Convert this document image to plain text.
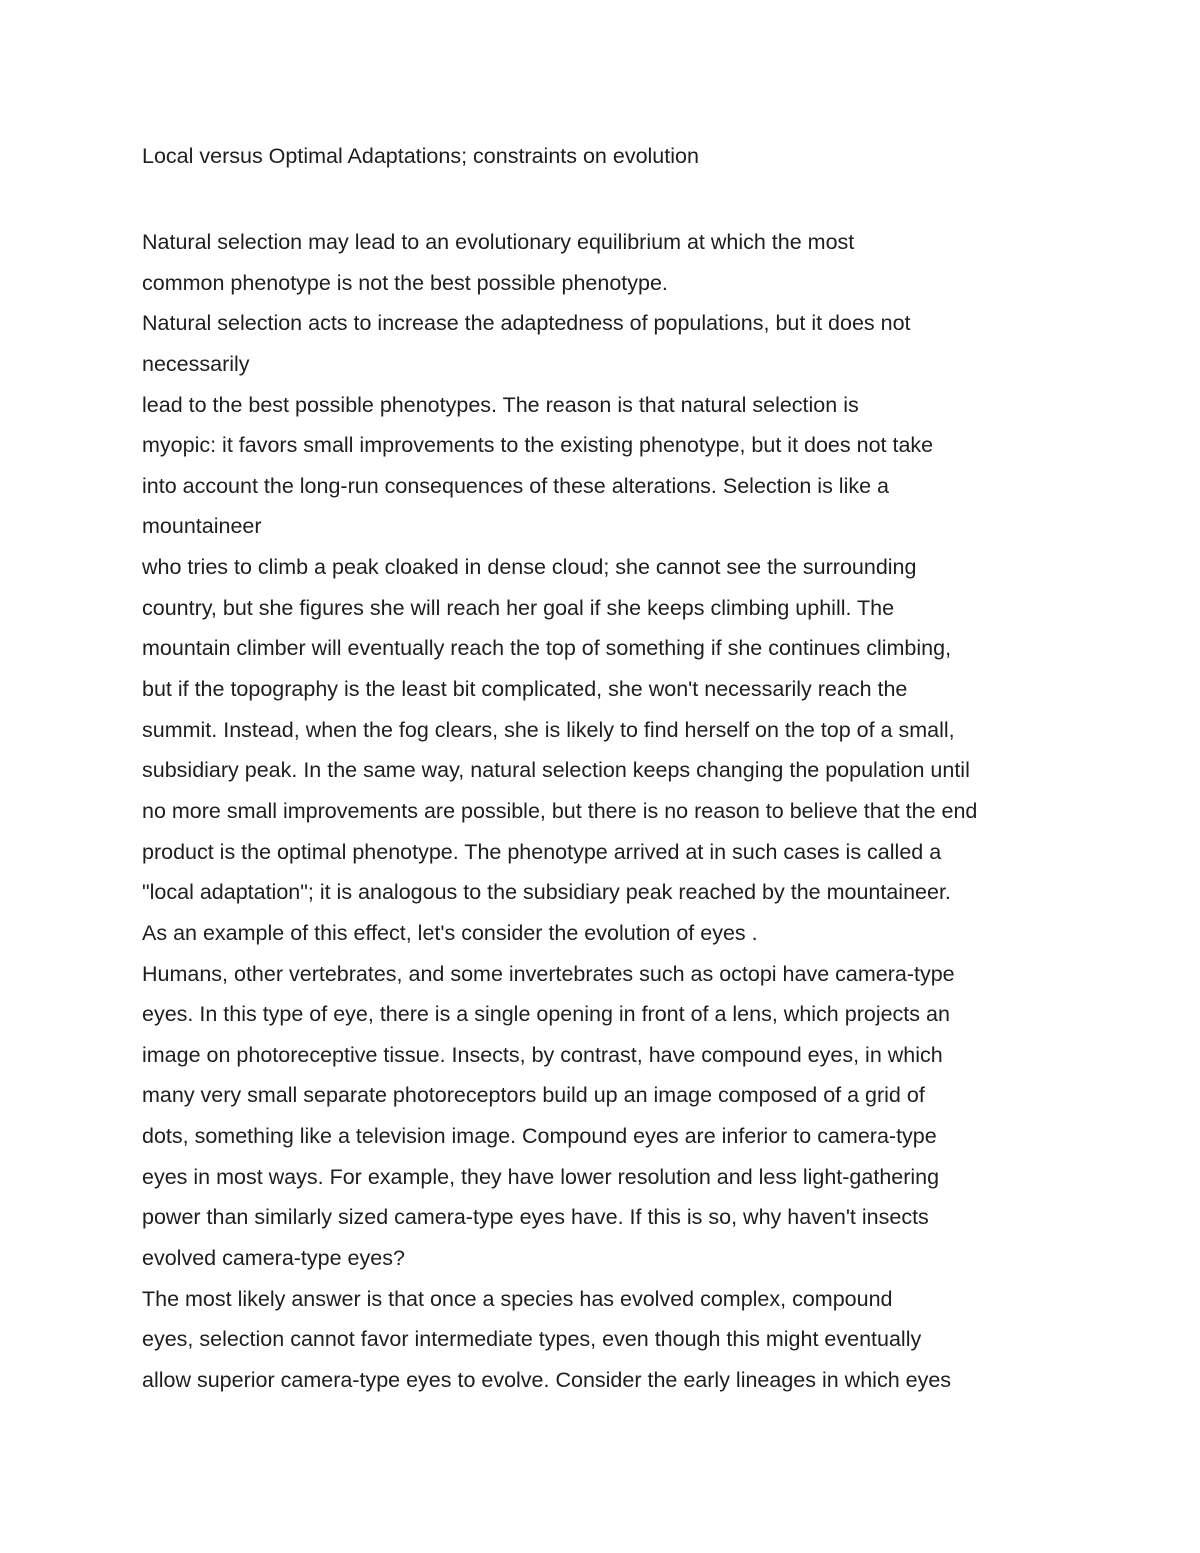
Local versus Optimal Adaptations; constraints on evolution
Natural selection may lead to an evolutionary equilibrium at which the most
common phenotype is not the best possible phenotype.
Natural selection acts to increase the adaptedness of populations, but it does not
necessarily
lead to the best possible phenotypes. The reason is that natural selection is
myopic: it favors small improvements to the existing phenotype, but it does not take
into account the long-run consequences of these alterations. Selection is like a
mountaineer
who tries to climb a peak cloaked in dense cloud; she cannot see the surrounding
country, but she figures she will reach her goal if she keeps climbing uphill. The
mountain climber will eventually reach the top of something if she continues climbing,
but if the topography is the least bit complicated, she won't necessarily reach the
summit. Instead, when the fog clears, she is likely to find herself on the top of a small,
subsidiary peak. In the same way, natural selection keeps changing the population until
no more small improvements are possible, but there is no reason to believe that the end
product is the optimal phenotype. The phenotype arrived at in such cases is called a
"local adaptation"; it is analogous to the subsidiary peak reached by the mountaineer.
As an example of this effect, let's consider the evolution of eyes .
Humans, other vertebrates, and some invertebrates such as octopi have camera-type
eyes. In this type of eye, there is a single opening in front of a lens, which projects an
image on photoreceptive tissue. Insects, by contrast, have compound eyes, in which
many very small separate photoreceptors build up an image composed of a grid of
dots, something like a television image. Compound eyes are inferior to camera-type
eyes in most ways. For example, they have lower resolution and less light-gathering
power than similarly sized camera-type eyes have. If this is so, why haven't insects
evolved camera-type eyes?
The most likely answer is that once a species has evolved complex, compound
eyes, selection cannot favor intermediate types, even though this might eventually
allow superior camera-type eyes to evolve. Consider the early lineages in which eyes
